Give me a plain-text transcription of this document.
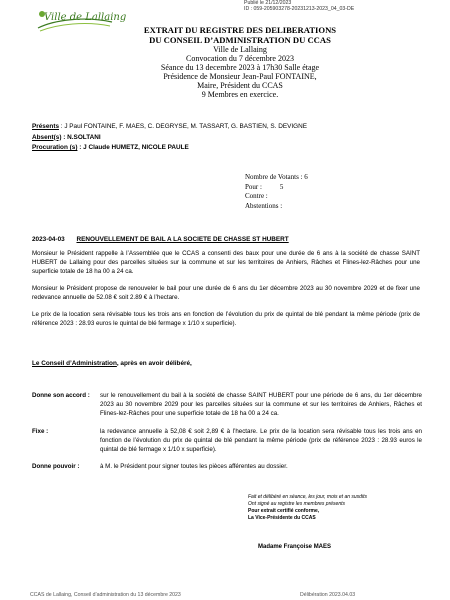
Ville de Lallaing
Publié le 21/12/2023
ID : 059-205903278-20231213-2023_04_03-DE
EXTRAIT DU REGISTRE DES DELIBERATIONS
DU CONSEIL D’ADMINISTRATION DU CCAS
Ville de Lallaing
Convocation du 7 décembre 2023
Séance du 13 decembre 2023 à 17h30 Salle étage
Présidence de Monsieur Jean-Paul FONTAINE,
Maire, Président du CCAS
9 Membres en exercice.
Présents : J Paul FONTAINE, F. MAES, C. DEGRYSE, M. TASSART, G. BASTIEN, S. DEVIGNE
Absent(s) : N.SOLTANI
Procuration (s) : J Claude HUMETZ, NICOLE PAULE
Nombre de Votants : 6
Pour :	5
Contre :
Abstentions :
2023-04-03 RENOUVELLEMENT DE BAIL A LA SOCIETE DE CHASSE ST HUBERT
Monsieur le Président rappelle à l’Assemblée que le CCAS a consenti des baux pour une durée de 6 ans à la société de chasse SAINT HUBERT de Lallaing pour des parcelles situées sur la commune et sur les territoires de Anhiers, Râches et Flines-lez-Râches pour une superficie totale de 18 ha 00 a 24 ca.
Monsieur le Président propose de renouveler le bail pour une durée de 6 ans du 1er décembre 2023 au 30 novembre 2029 et de fixer une redevance annuelle de 52.08 € soit 2.89 € à l’hectare.
Le prix de la location sera révisable tous les trois ans en fonction de l’évolution du prix de quintal de blé pendant la même période (prix de référence 2023 : 28.93 euros le quintal de blé fermage x 1/10 x superficie).
Le Conseil d’Administration, après en avoir délibéré,
Donne son accord : sur le renouvellement du bail à la société de chasse SAINT HUBERT pour une période de 6 ans, du 1er décembre 2023 au 30 novembre 2029 pour les parcelles situées sur la commune et sur les territoires de Anhiers, Râches et Flines-lez-Râches pour une superficie totale de 18 ha 00 a 24 ca.
Fixe :	la redevance annuelle à 52,08 € soit 2,89 € à l’hectare. Le prix de la location sera révisable tous les trois ans en fonction de l’évolution du prix de quintal de blé pendant la même période (prix de référence 2023 : 28.93 euros le quintal de blé fermage x 1/10 x superficie).
Donne pouvoir :	à M. le Président pour signer toutes les pièces afférentes au dossier.
Fait et délibéré en séance, les jour, mois et an susdits
Ont signé au registre les membres présents
Pour extrait certifié conforme,
La Vice-Présidente du CCAS
Madame Françoise MAES
CCAS de Lallaing, Conseil d’administration du 13 décembre 2023	Délibération 2023.04.03
